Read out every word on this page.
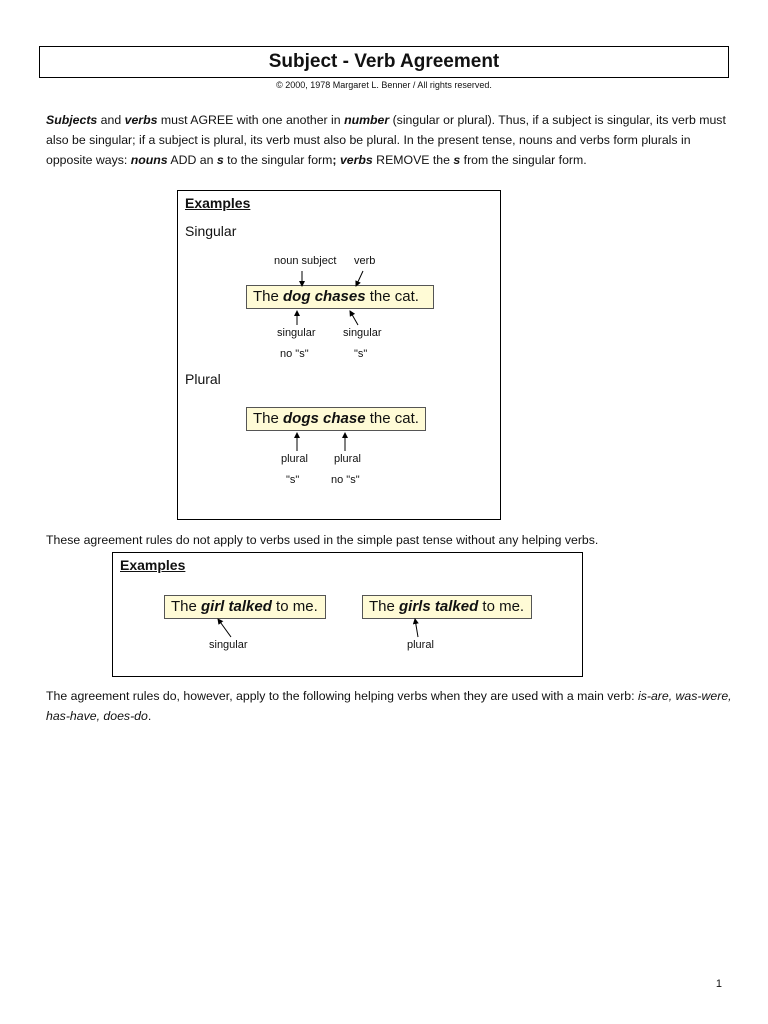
Subject - Verb Agreement
© 2000, 1978 Margaret L. Benner / All rights reserved.
Subjects and verbs must AGREE with one another in number (singular or plural). Thus, if a subject is singular, its verb must also be singular; if a subject is plural, its verb must also be plural. In the present tense, nouns and verbs form plurals in opposite ways: nouns ADD an s to the singular form; verbs REMOVE the s from the singular form.
Examples
Singular
noun subject verb
The dog chases the cat.
singular singular
no "s"	"s"
Plural
The dogs chase the cat.
plural plural
"s"	no "s"
These agreement rules do not apply to verbs used in the simple past tense without any helping verbs.
Examples
The girl talked to me.	The girls talked to me.
singular	plural
The agreement rules do, however, apply to the following helping verbs when they are used with a main verb: is-are, was-were, has-have, does-do.
1
